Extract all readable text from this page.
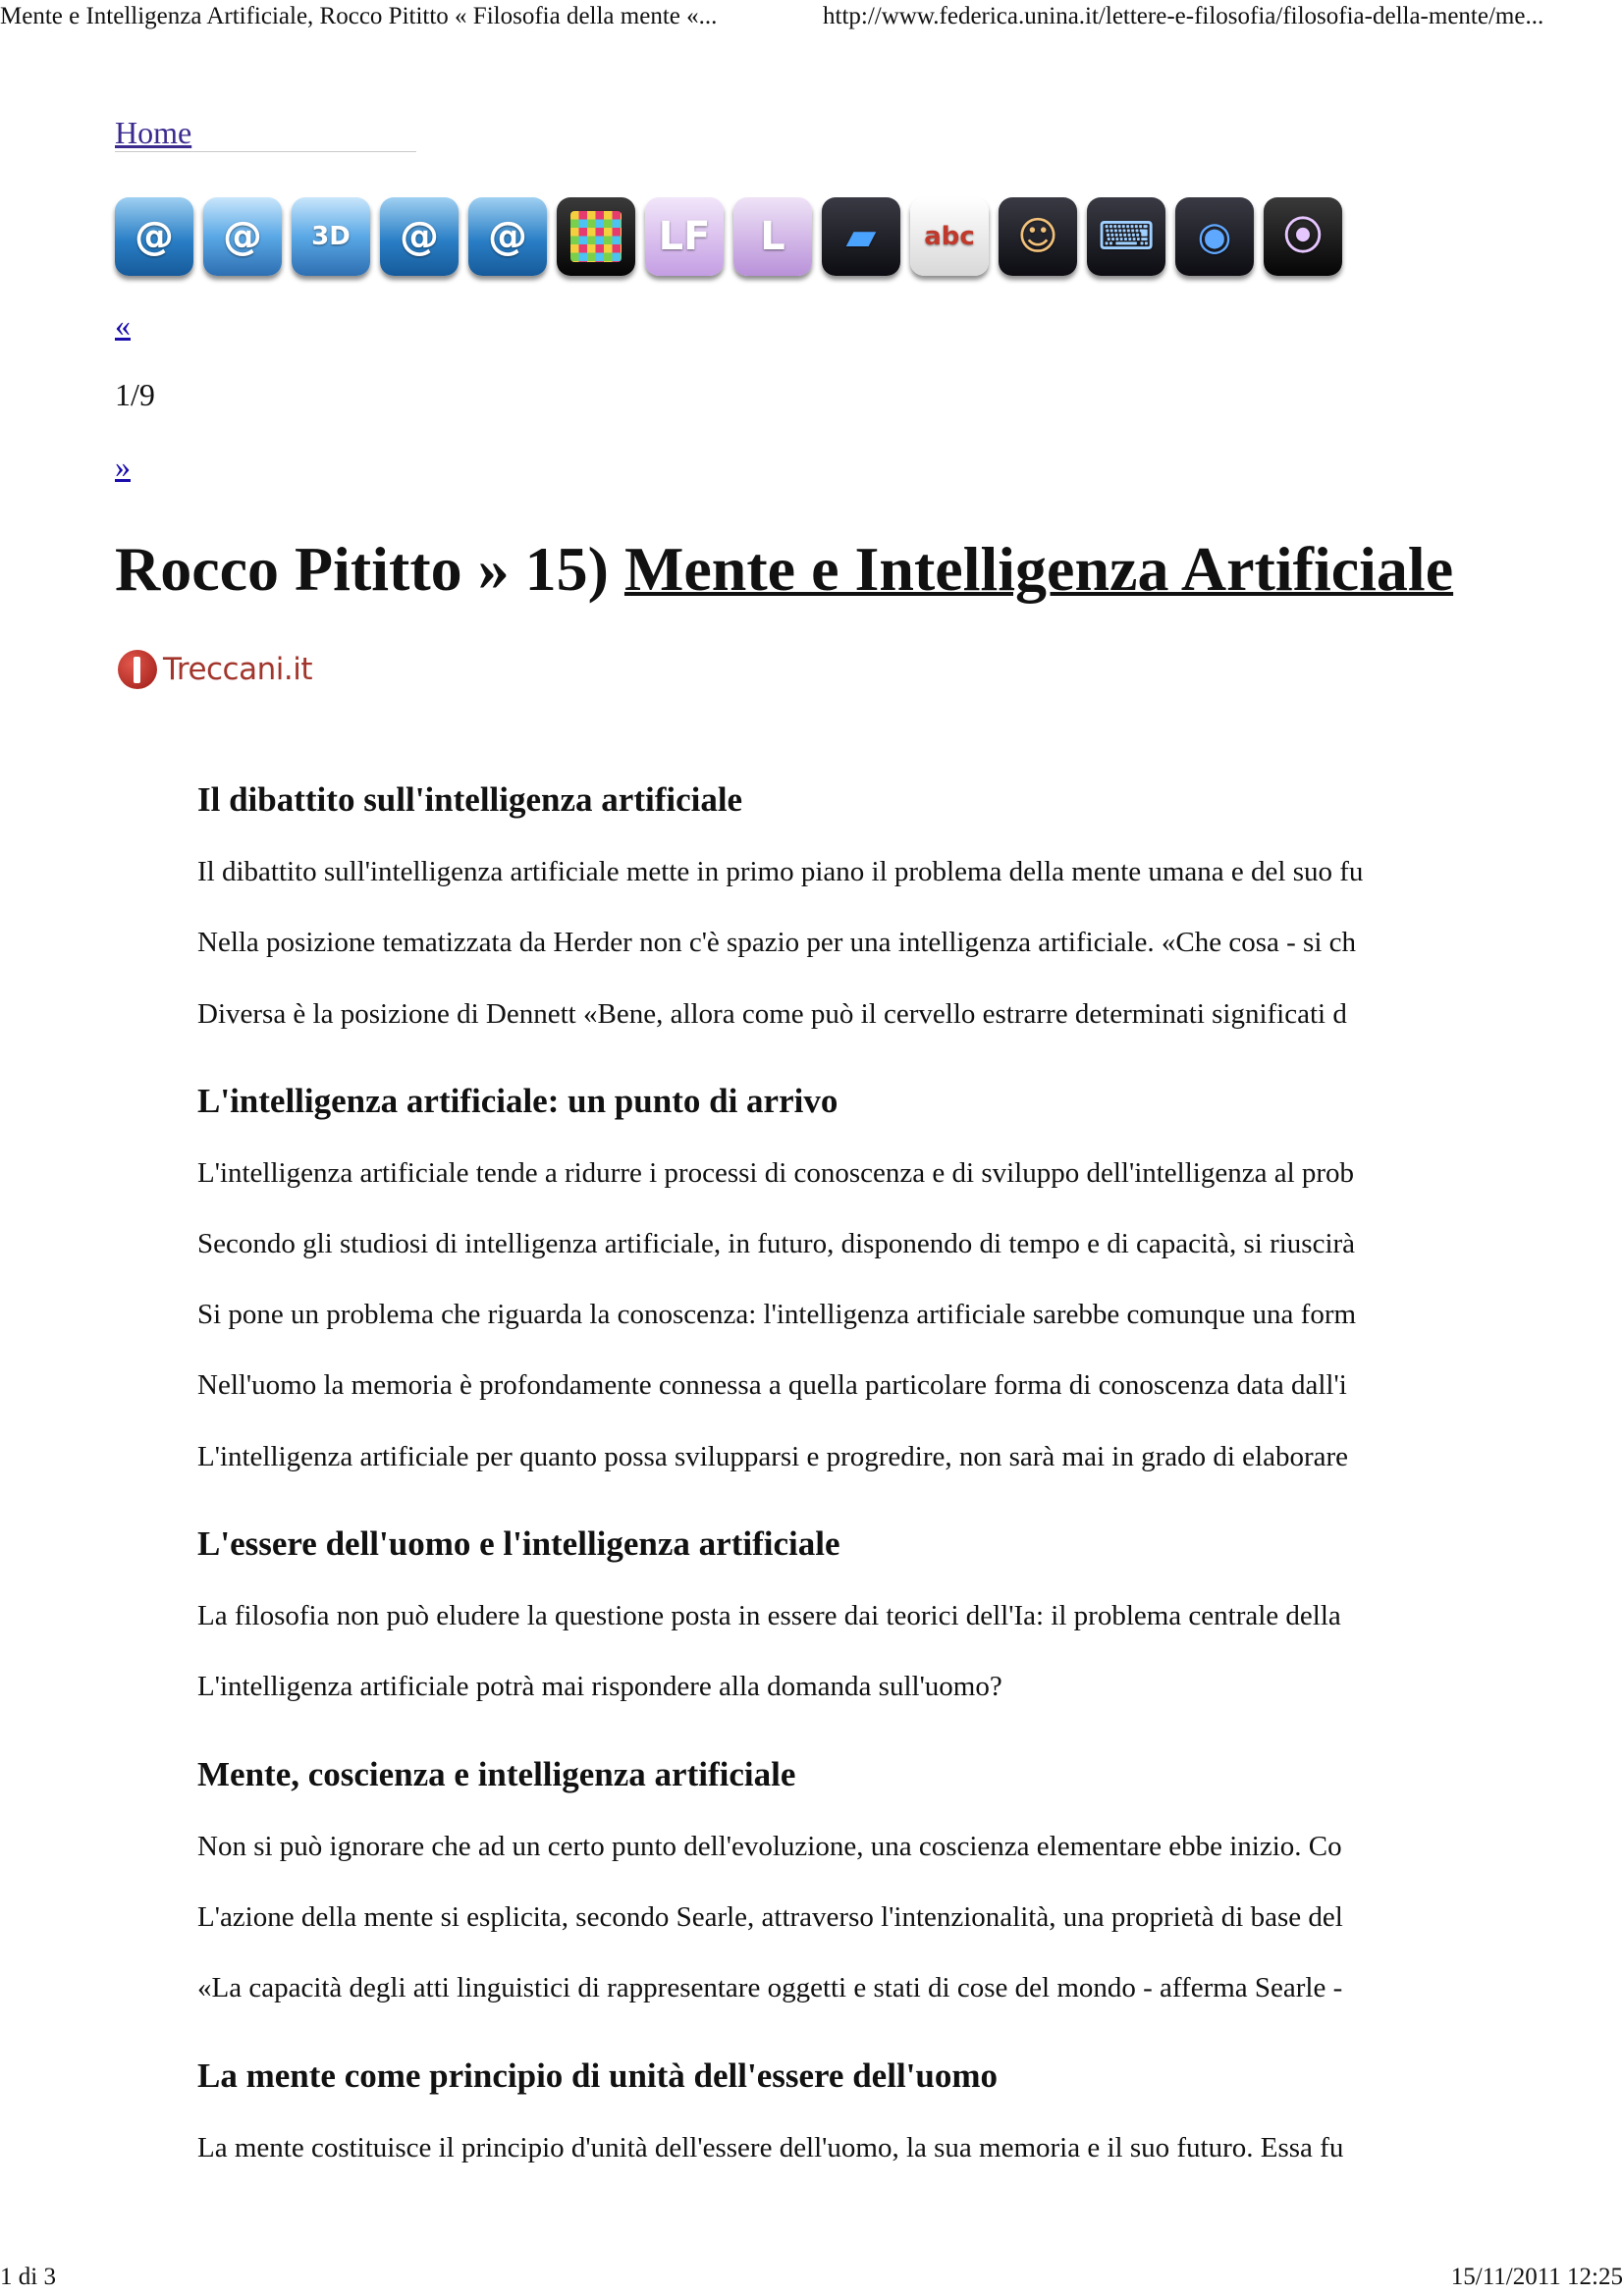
Mente e Intelligenza Artificiale, Rocco Pititto « Filosofia della mente «...	http://www.federica.unina.it/lettere-e-filosofia/filosofia-della-mente/me...
Home
@ @ 3D @ @	LF L ▰ abc ☺ ⌨ ◉ ⦿
«
1/9
»
Rocco Pititto » 15) Mente e Intelligenza Artificiale
Treccani.it
Il dibattito sull'intelligenza artificiale

Il dibattito sull'intelligenza artificiale mette in primo piano il problema della mente umana e del suo fu

Nella posizione tematizzata da Herder non c'è spazio per una intelligenza artificiale. «Che cosa - si ch

Diversa è la posizione di Dennett «Bene, allora come può il cervello estrarre determinati significati d

L'intelligenza artificiale: un punto di arrivo

L'intelligenza artificiale tende a ridurre i processi di conoscenza e di sviluppo dell'intelligenza al prob

Secondo gli studiosi di intelligenza artificiale, in futuro, disponendo di tempo e di capacità, si riuscirà

Si pone un problema che riguarda la conoscenza: l'intelligenza artificiale sarebbe comunque una form

Nell'uomo la memoria è profondamente connessa a quella particolare forma di conoscenza data dall'i

L'intelligenza artificiale per quanto possa svilupparsi e progredire, non sarà mai in grado di elaborare

L'essere dell'uomo e l'intelligenza artificiale

La filosofia non può eludere la questione posta in essere dai teorici dell'Ia: il problema centrale della

L'intelligenza artificiale potrà mai rispondere alla domanda sull'uomo?

Mente, coscienza e intelligenza artificiale

Non si può ignorare che ad un certo punto dell'evoluzione, una coscienza elementare ebbe inizio. Co

L'azione della mente si esplicita, secondo Searle, attraverso l'intenzionalità, una proprietà di base del

«La capacità degli atti linguistici di rappresentare oggetti e stati di cose del mondo - afferma Searle -

La mente come principio di unità dell'essere dell'uomo

La mente costituisce il principio d'unità dell'essere dell'uomo, la sua memoria e il suo futuro. Essa fu

1 di 3	15/11/2011 12:25
